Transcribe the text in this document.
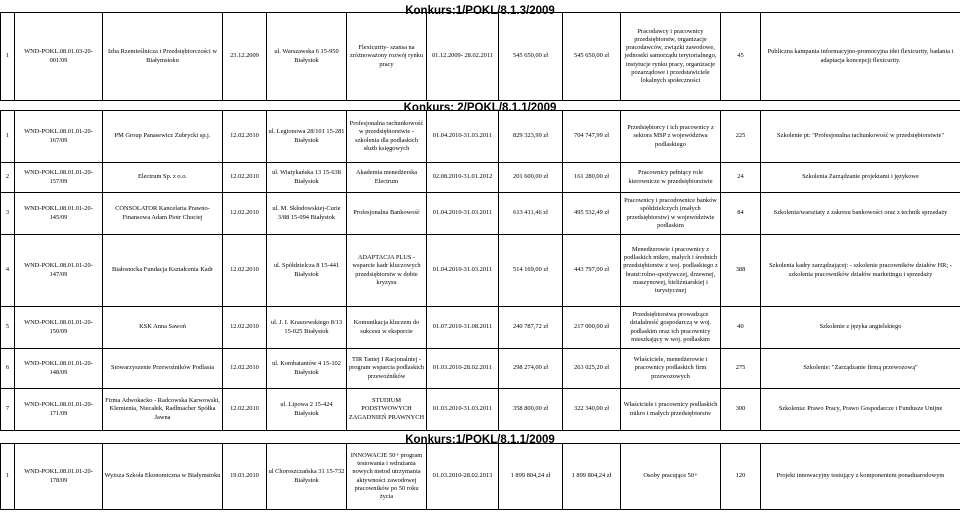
Konkurs:1/POKL/8.1.3/2009
Konkurs: 2/POKL/8.1.1/2009
Konkurs:1/POKL/8.1.1/2009
1	WND-POKL.08.01.03-20-001/09	Izba Rzemieślnicza i Przedsiębiorczości w Białymstoku	23.12.2009	ul. Warszawska 6 15-950 Białystok	Flexicurity- szansa na zróżnoważony rozwój rynku pracy	01.12.2009- 28.02.2011	545 650,00 zł	545 650,00 zł	Pracodawcy i pracownicy przedsiębiorstw, organizacje pracodawców, związki zawodowe, jednostki samorządu terytorialnego, instytucje rynku pracy, organizacje pozarządowe i przedstawiciele lokalnych społeczności	45	Publiczna kampania informacyjno-promocyjna idei flexicurity, badania i adaptacja koncepcji flexicurity.
1	WND-POKL.08.01.01-20-167/09	PM Group Panasewicz Zubrycki sp.j.	12.02.2010	ul. Legionowa 28/101 15-281 Białystok	Profesjonalna rachunkowość w przedsiębiorstwie - szkolenia dla podlaskich służb księgowych	01.04.2010-31.03.2011	829 323,99 zł	704 747,99 zł	Przedsiębiorcy i ich pracownicy z sektora MSP z województwa podlaskiego	225	Szkolenie pt: "Profesjonalna rachunkowość w przedsiębiorstwie"
2	WND-POKL.08.01.01-20-157/09	Electrum Sp. z o.o.	12.02.2010	ul. Wiatykańska 13 15-638 Białystok	Akademia menedżerska Electrum	02.08.2010-31.01.2012	201 600,00 zł	161 280,00 zł	Pracownicy pełniący role kierownicze w przedsiębiorstwie	24	Szkolenia Zarządzanie projektami i językowe
3	WND-POKL.08.01.01-20-145/09	CONSOLATOR Kancelaria Prawno-Finansowa Adam Piotr Chociej	12.02.2010	ul. M. Skłodowskiej-Curie 3/88 15-094 Białystok	Profesjonalna Bankowość	01.04.2010-31.03.2011	613 411,46 zł	495 532,49 zł	Pracownicy i pracodownice banków spółdzielczych (małych przedsiębiorstw) w województwie podlaskim	84	Szkolenia/warsztaty z zakresu bankowości oraz z technik sprzedaży
4	WND-POKL.08.01.01-20-147/09	Białostocka Fundacja Kształcenia Kadr	12.02.2010	ul. Spółdzielcza 8 15-441 Białystok	ADAPTACJA PLUS - wsparcie kadr kluczowych przedsiębiorstw w dobie kryzysu	01.04.2010-31.03.2011	514 169,00 zł	443 797,00 zł	Menedżerowie i pracownicy z podlaskich mikro, małych i średnich przedsiębiorstw z woj. podlaskiego z branż:rolno-spożywczej, drzewnej, maszynowej, bieliźniarskiej i turystycznej	388	Szkolenia kadry zarządzającej: - szkolenie pracowników działów HR; - szkolenia pracowników działów marketingu i sprzedaży
5	WND-POKL.08.01.01-20-150/09	KSK Anna Sawoń	12.02.2010	ul. J. I. Kraszewskiego 8/13 15-025 Białystok	Komunikacja kluczem do sukcesu w eksporcie	01.07.2010-31.08.2011	240 787,72 zł	217 000,00 zł	Przedsiębiorstwa prowadzące działalność gospodarczą w woj. podlaskim oraz ich pracownicy mieszkający w woj. podlaskim	40	Szkolenie z języka angielskiego
6	WND-POKL.08.01.01-20-148/09	Stowarzyszenie Przewoźników Podlasia	12.02.2010	ul. Kombatantów 4 15-102 Białystok	TIR Taniej I Racjonalniej - program wsparcia podlaskich przewoźników	01.03.2010-28.02.2011	298 274,00 zł	263 025,20 zł	Właściciele, menedżerowie i pracownicy podlaskich firm przewozowych	275	Szkolenie: "Zarządzanie firmą przewozową"
7	WND-POKL.08.01.01-20-171/09	Firma Adwokacko - Radcowska Karwowski, Klemienia, Niecałek, Radlmacher Spółka Jawna	12.02.2010	ul. Lipowa 2 15-424 Białystok	STUDIUM PODSTWOWYCH ZAGADNIEŃ PRAWNYCH	01.03.2010-31.03.2011	358 800,00 zł	322 340,00 zł	Właściciele i pracownicy podlaskich mikro i małych przedsiębiorstw	300	Szkolenia: Prawo Pracy, Prawo Gospodarcze i Fundusze Unijne
1	WND-POKL.08.01.01-20-178/09	Wyższa Szkoła Ekonomiczna w Białymstoku	19.03.2010	ul Choroszczańska 31 15-732 Białystok	INNOWACJE 50+ program testowania i wdrażania nowych metod utrzymania aktywności zawodowej pracowników po 50 roku życia	01.03.2010-28.02.2013	1 899 804,24 zł	1 899 804,24 zł	Osoby pracujące 50+	120	Projekt innowacyjny testujący z komponentem ponadnarodowym
